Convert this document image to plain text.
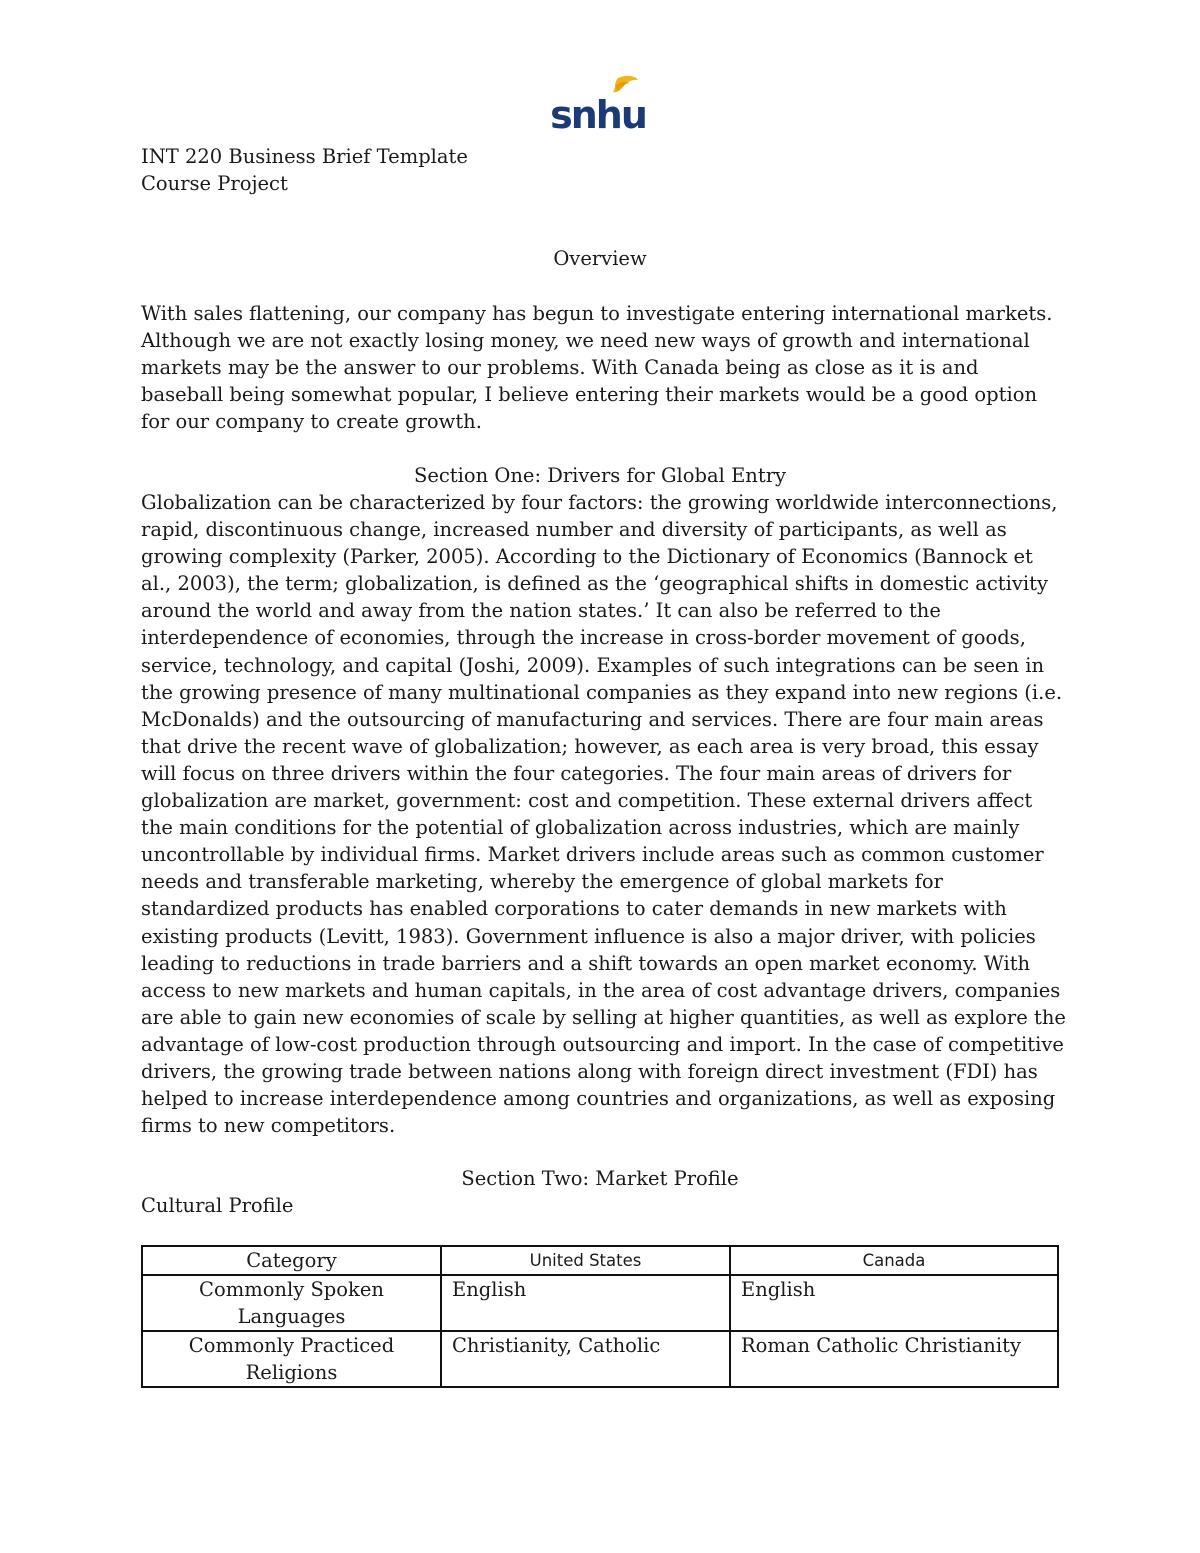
snhu
INT 220 Business Brief Template
Course Project
Overview
With sales flattening, our company has begun to investigate entering international markets. Although we are not exactly losing money, we need new ways of growth and international markets may be the answer to our problems. With Canada being as close as it is and baseball being somewhat popular, I believe entering their markets would be a good option for our company to create growth.
Section One: Drivers for Global Entry
Globalization can be characterized by four factors: the growing worldwide interconnections, rapid, discontinuous change, increased number and diversity of participants, as well as growing complexity (Parker, 2005). According to the Dictionary of Economics (Bannock et al., 2003), the term; globalization, is defined as the ‘geographical shifts in domestic activity around the world and away from the nation states.’ It can also be referred to the interdependence of economies, through the increase in cross-border movement of goods, service, technology, and capital (Joshi, 2009). Examples of such integrations can be seen in the growing presence of many multinational companies as they expand into new regions (i.e. McDonalds) and the outsourcing of manufacturing and services. There are four main areas that drive the recent wave of globalization; however, as each area is very broad, this essay will focus on three drivers within the four categories. The four main areas of drivers for globalization are market, government: cost and competition. These external drivers affect the main conditions for the potential of globalization across industries, which are mainly uncontrollable by individual firms. Market drivers include areas such as common customer needs and transferable marketing, whereby the emergence of global markets for standardized products has enabled corporations to cater demands in new markets with existing products (Levitt, 1983). Government influence is also a major driver, with policies leading to reductions in trade barriers and a shift towards an open market economy. With access to new markets and human capitals, in the area of cost advantage drivers, companies are able to gain new economies of scale by selling at higher quantities, as well as explore the advantage of low-cost production through outsourcing and import. In the case of competitive drivers, the growing trade between nations along with foreign direct investment (FDI) has helped to increase interdependence among countries and organizations, as well as exposing firms to new competitors.
Section Two: Market Profile
Cultural Profile
Category	United States	Canada
Commonly Spoken Languages	English	English
Commonly Practiced Religions	Christianity, Catholic	Roman Catholic Christianity
